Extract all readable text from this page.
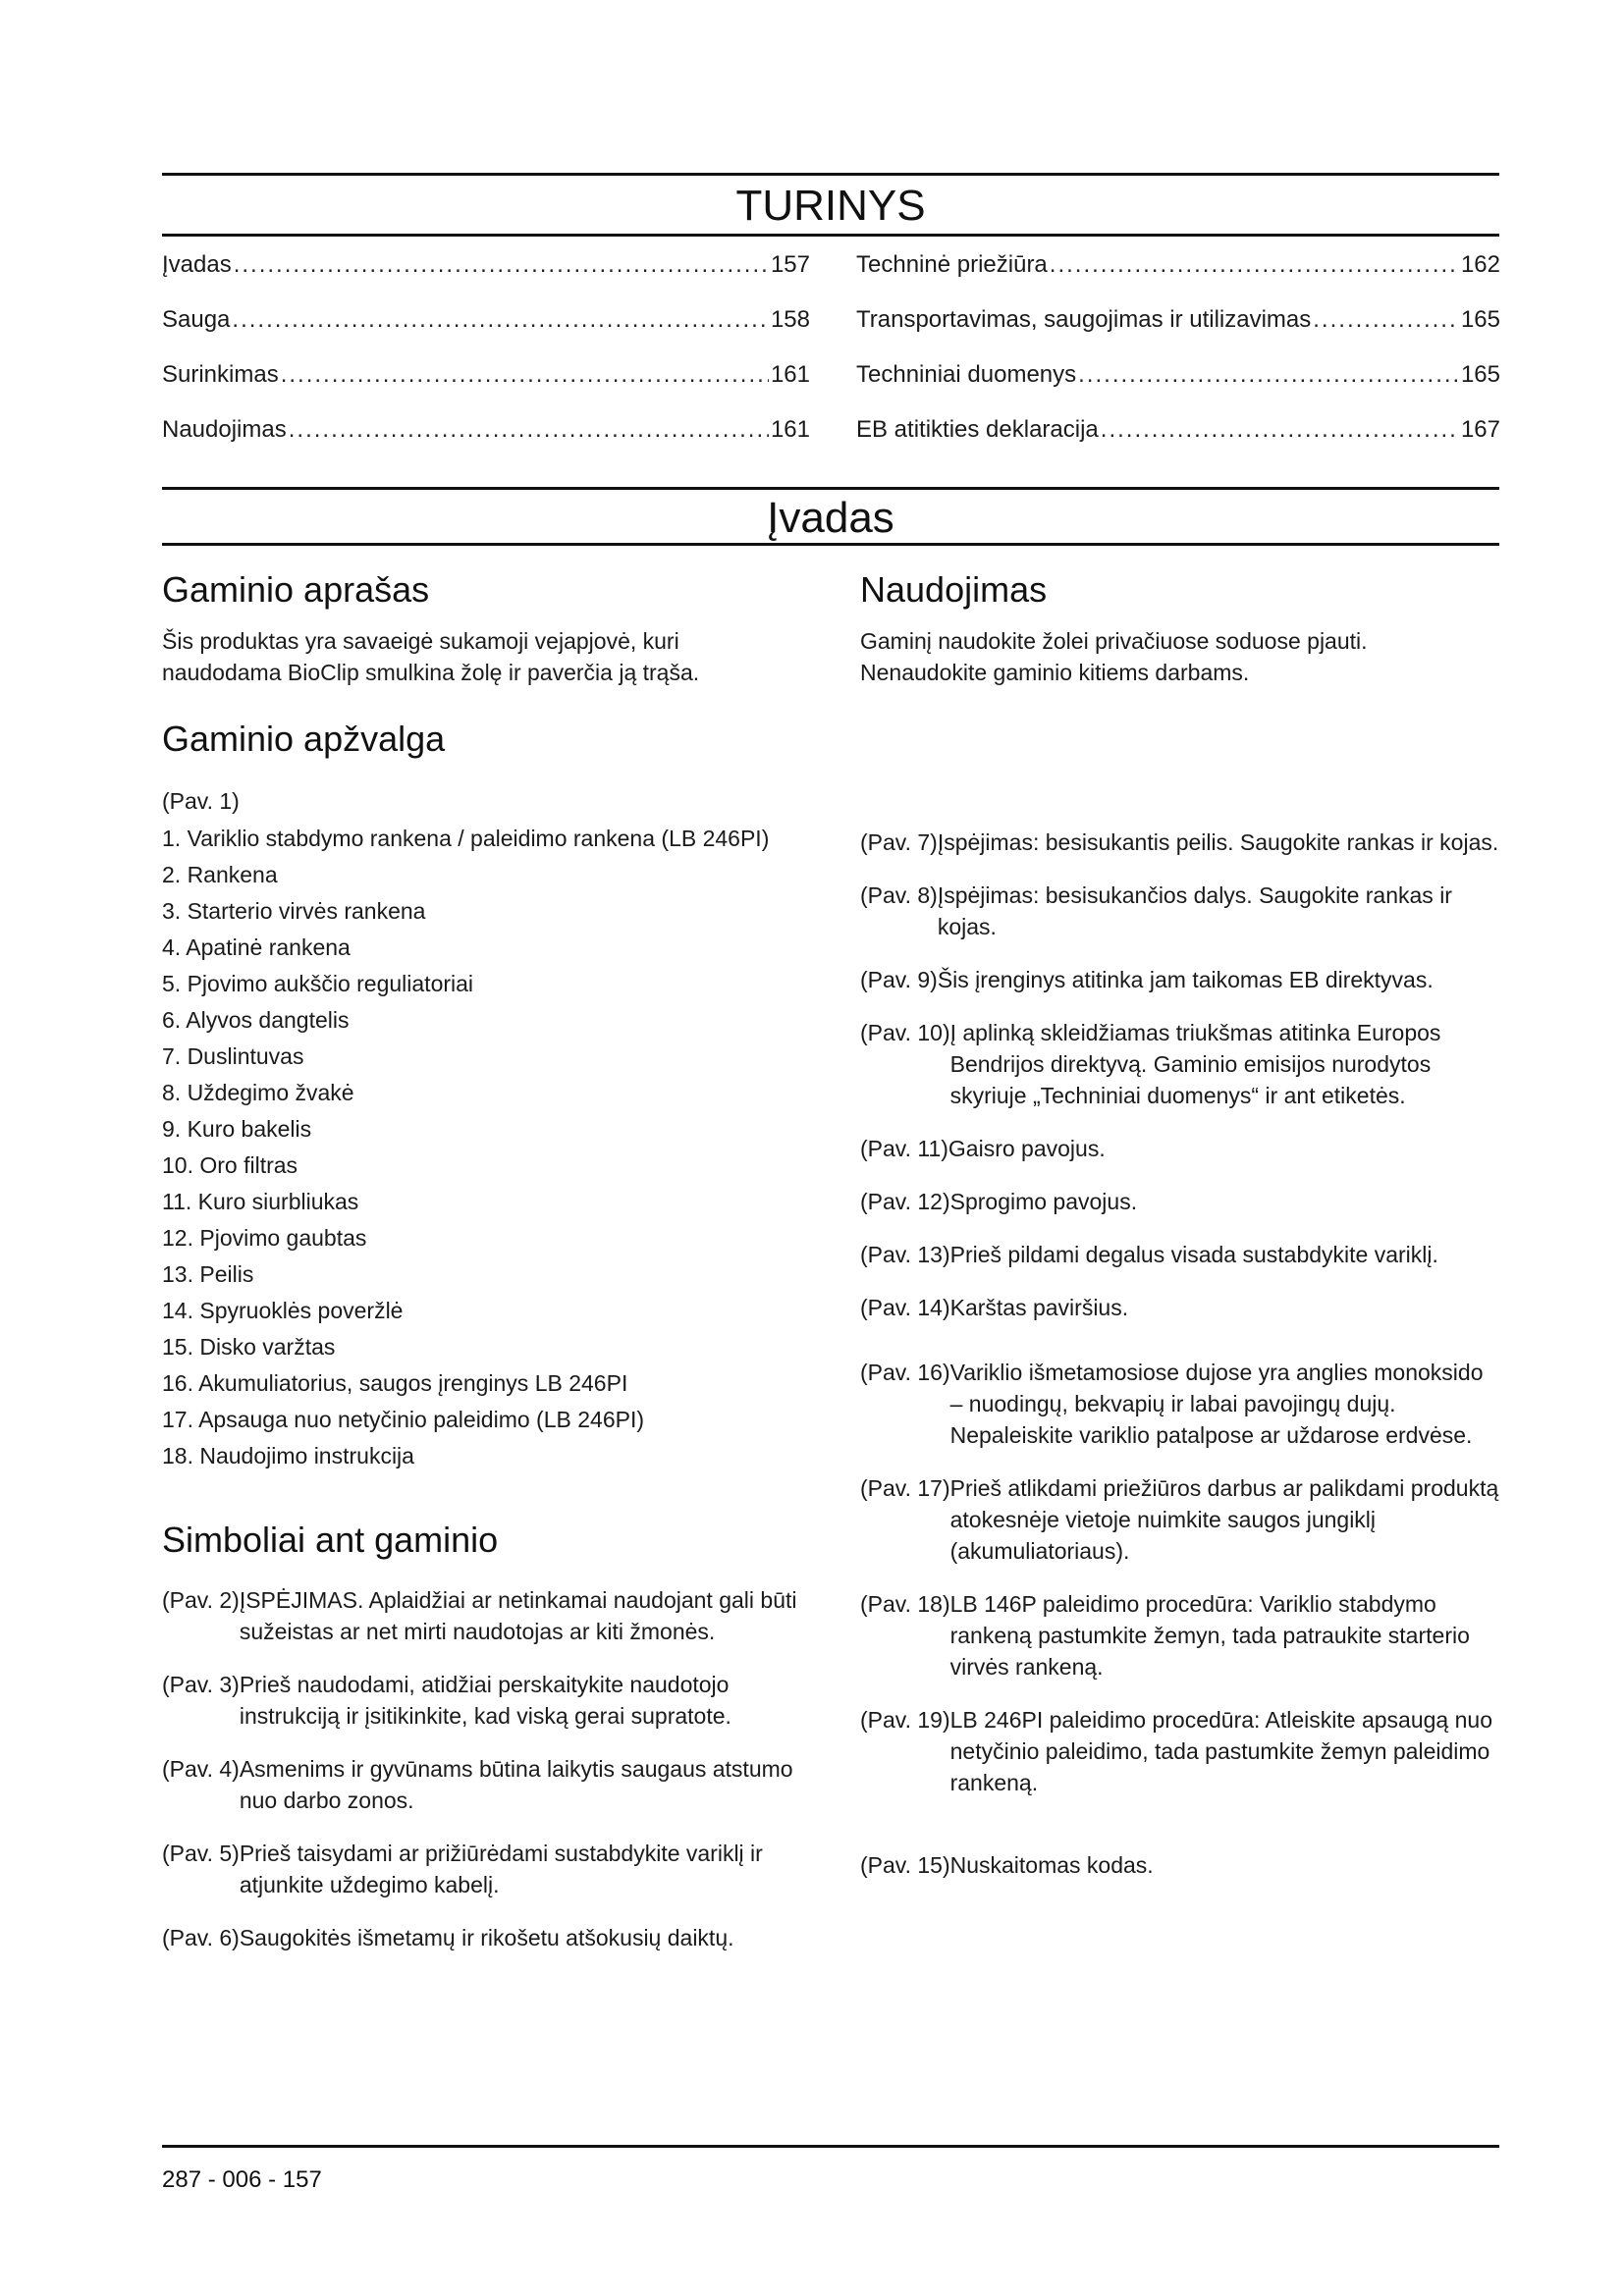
TURINYS
Įvadas .....	157
Sauga .....	158
Surinkimas .....	161
Naudojimas .....	161
Techninė priežiūra .....	162
Transportavimas, saugojimas ir utilizavimas .....	165
Techniniai duomenys .....	165
EB atitikties deklaracija .....	167
Įvadas
Gaminio aprašas

Šis produktas yra savaeigė sukamoji vejapjovė, kuri naudodama BioClip smulkina žolę ir paverčia ją trąša.

Naudojimas

Gaminį naudokite žolei privačiuose soduose pjauti. Nenaudokite gaminio kitiems darbams.

Gaminio apžvalga
(Pav. 1)
1. Variklio stabdymo rankena / paleidimo rankena (LB 246PI)
2. Rankena
3. Starterio virvės rankena
4. Apatinė rankena
5. Pjovimo aukščio reguliatoriai
6. Alyvos dangtelis
7. Duslintuvas
8. Uždegimo žvakė
9. Kuro bakelis
10. Oro filtras
11. Kuro siurbliukas
12. Pjovimo gaubtas
13. Peilis
14. Spyruoklės poveržlė
15. Disko varžtas
16. Akumuliatorius, saugos įrenginys LB 246PI
17. Apsauga nuo netyčinio paleidimo (LB 246PI)
18. Naudojimo instrukcija
Simboliai ant gaminio
(Pav. 2) ĮSPĖJIMAS. Aplaidžiai ar netinkamai naudojant gali būti sužeistas ar net mirti naudotojas ar kiti žmonės.
(Pav. 3) Prieš naudodami, atidžiai perskaitykite naudotojo instrukciją ir įsitikinkite, kad viską gerai supratote.
(Pav. 4) Asmenims ir gyvūnams būtina laikytis saugaus atstumo nuo darbo zonos.
(Pav. 5) Prieš taisydami ar prižiūrėdami sustabdykite variklį ir atjunkite uždegimo kabelį.
(Pav. 6) Saugokitės išmetamų ir rikošetu atšokusių daiktų.
(Pav. 7) Įspėjimas: besisukantis peilis. Saugokite rankas ir kojas.
(Pav. 8) Įspėjimas: besisukančios dalys. Saugokite rankas ir kojas.
(Pav. 9) Šis įrenginys atitinka jam taikomas EB direktyvas.
(Pav. 10) Į aplinką skleidžiamas triukšmas atitinka Europos Bendrijos direktyvą. Gaminio emisijos nurodytos skyriuje „Techniniai duomenys“ ir ant etiketės.
(Pav. 11) Gaisro pavojus.
(Pav. 12) Sprogimo pavojus.
(Pav. 13) Prieš pildami degalus visada sustabdykite variklį.
(Pav. 14) Karštas paviršius.
(Pav. 16) Variklio išmetamosiose dujose yra anglies monoksido – nuodingų, bekvapių ir labai pavojingų dujų. Nepaleiskite variklio patalpose ar uždarose erdvėse.
(Pav. 17) Prieš atlikdami priežiūros darbus ar palikdami produktą atokesnėje vietoje nuimkite saugos jungiklį (akumuliatoriaus).
(Pav. 18) LB 146P paleidimo procedūra: Variklio stabdymo rankeną pastumkite žemyn, tada patraukite starterio virvės rankeną.
(Pav. 19) LB 246PI paleidimo procedūra: Atleiskite apsaugą nuo netyčinio paleidimo, tada pastumkite žemyn paleidimo rankeną.
(Pav. 15) Nuskaitomas kodas.
287 - 006 - 157
